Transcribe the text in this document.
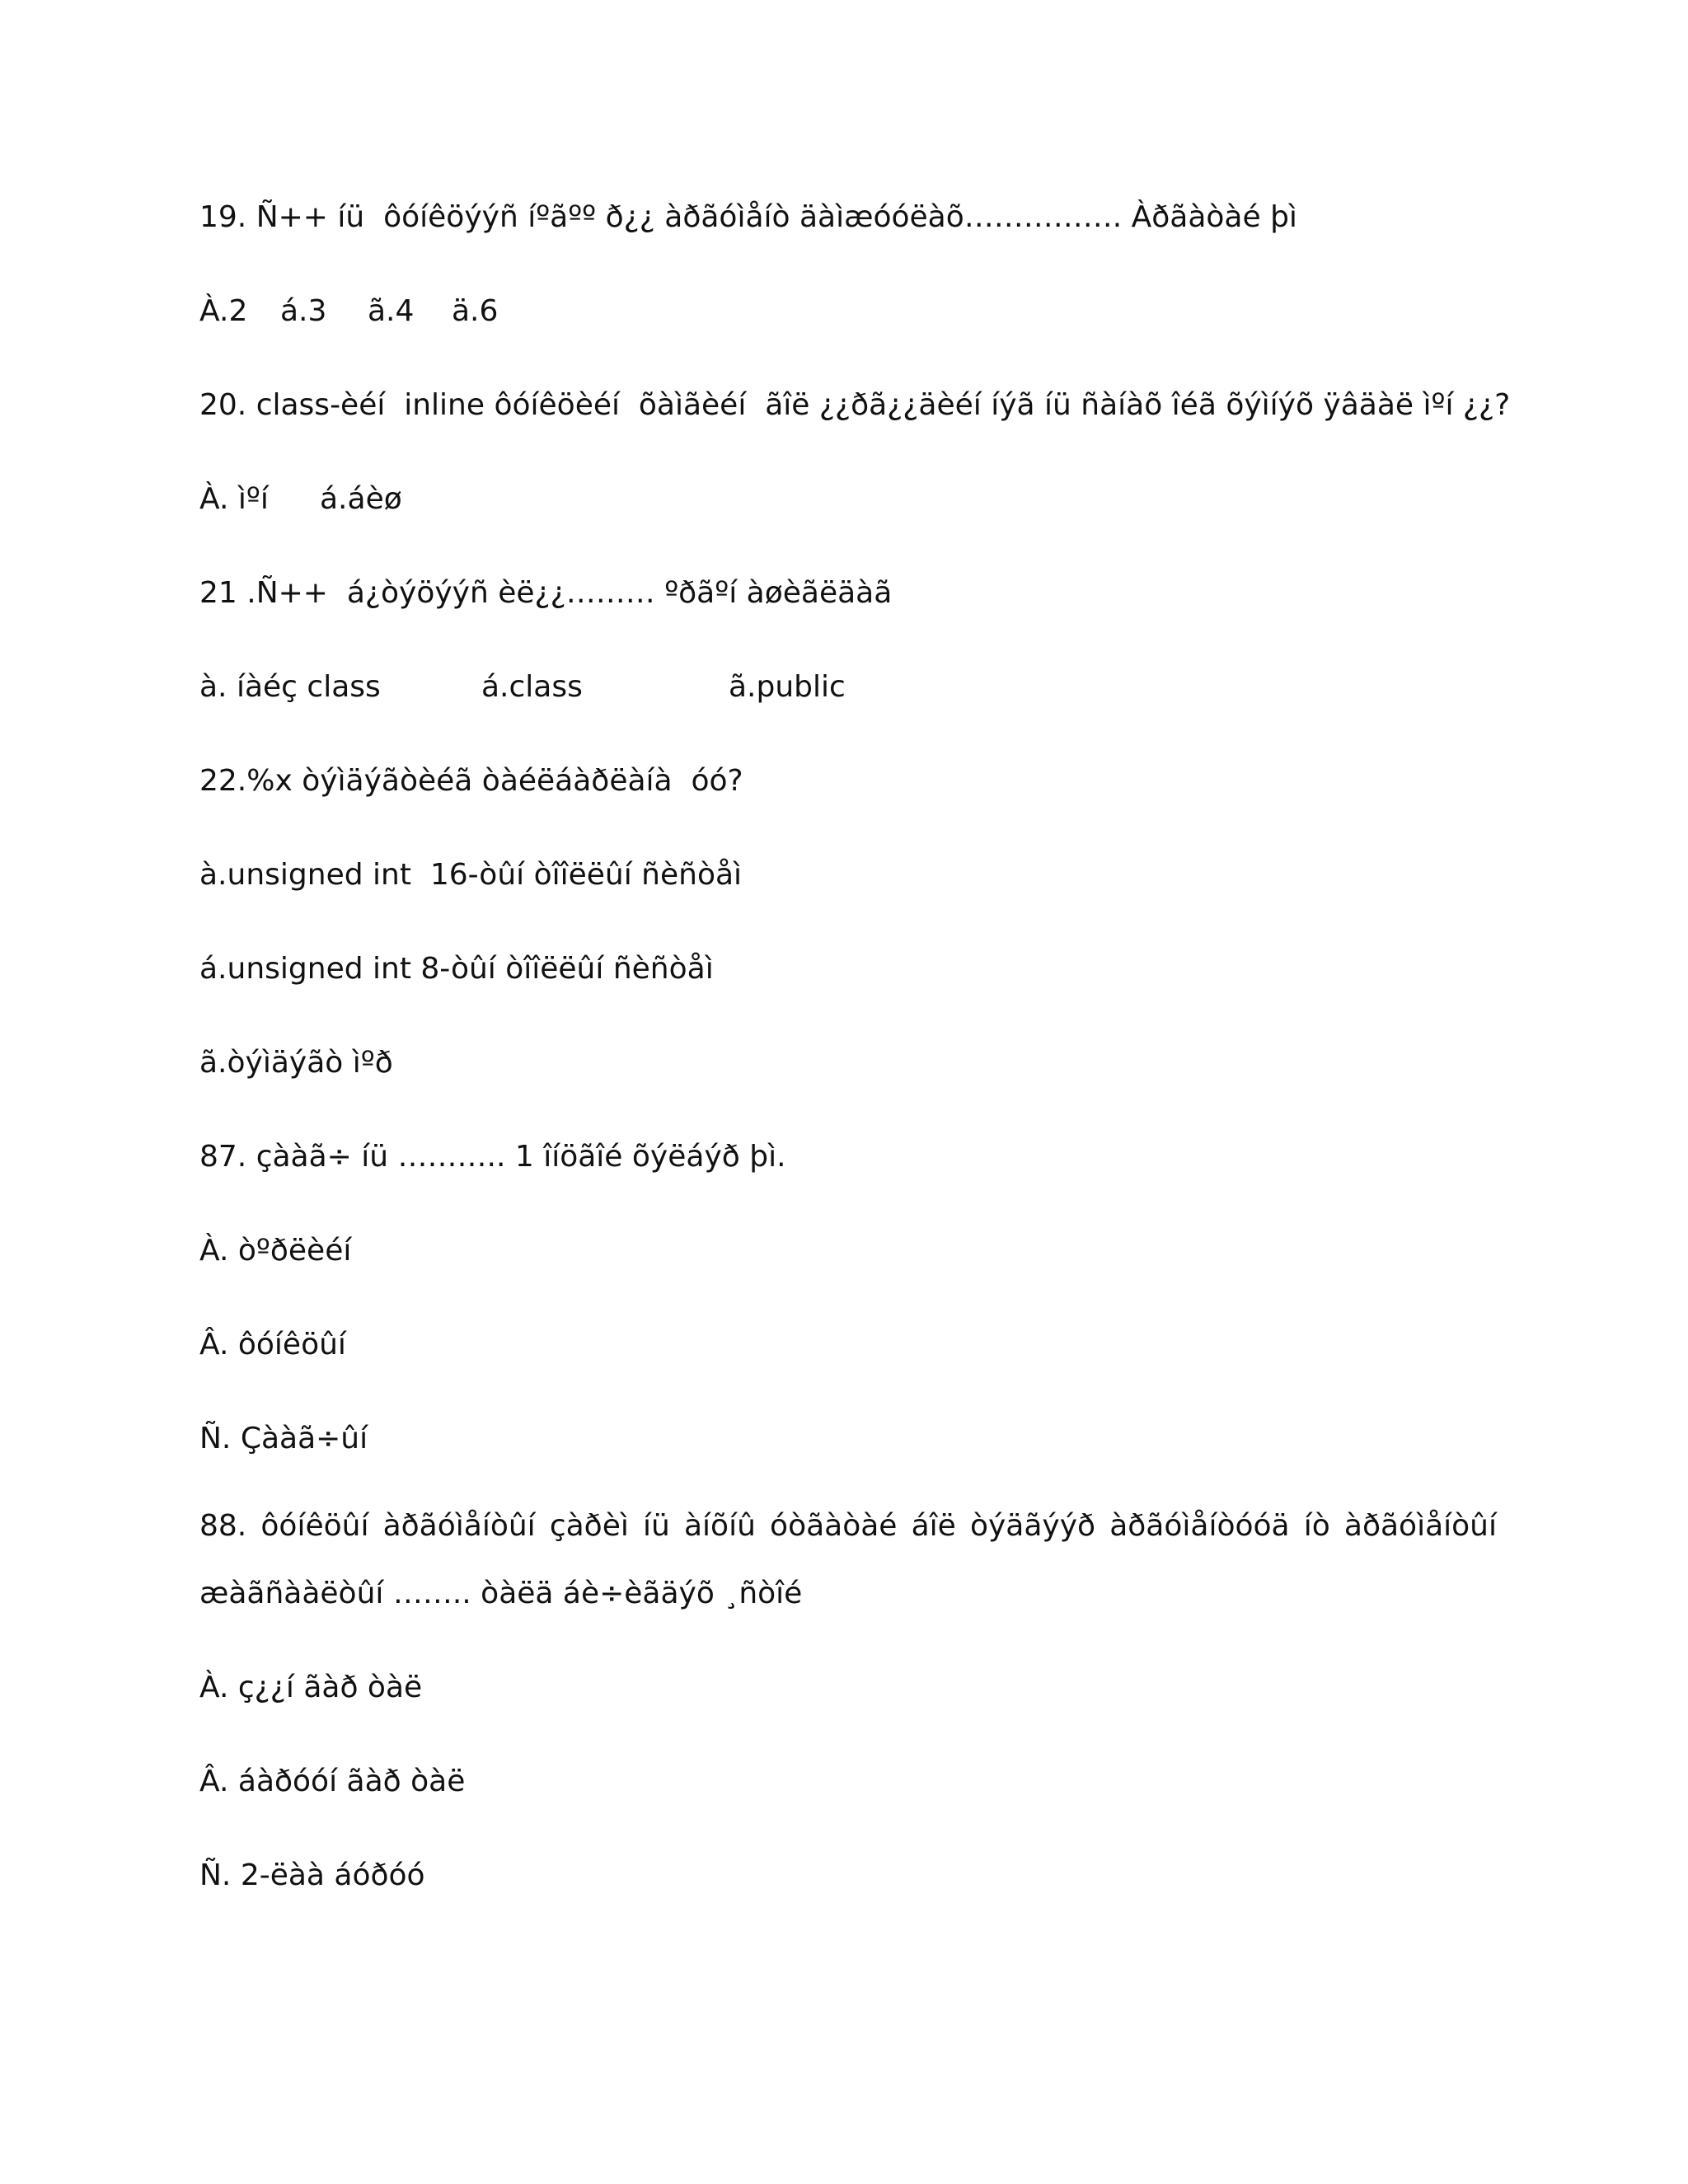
19. Ñ++ íü  ôóíêöýýñ íºãºº ð¿¿ àðãóìåíò äàìæóóëàõ……………. Àðãàòàé þì
À.2	á.3	ã.4	ä.6
20. class-èéí  inline ôóíêöèéí  õàìãèéí  ãîë ¿¿ðã¿¿äèéí íýã íü ñàíàõ îéã õýìíýõ ÿâäàë ìºí ¿¿?
À. ìºí	á.áèø
21 .Ñ++  á¿òýöýýñ èë¿¿……… ºðãºí àøèãëäàã
à. íàéç class	á.class	ã.public
22.%x òýìäýãòèéã òàéëáàðëàíà  óó?
à.unsigned int  16-òûí òîîëëûí ñèñòåì
á.unsigned int 8-òûí òîîëëûí ñèñòåì
ã.òýìäýãò ìºð
87. çààã÷ íü ……….. 1 îíöãîé õýëáýð þì.
À. òºðëèéí
Â. ôóíêöûí
Ñ. Çààã÷ûí
88. ôóíêöûí àðãóìåíòûí çàðèì íü àíõíû óòãàòàé áîë òýäãýýð àðãóìåíòóóä íò àðãóìåíòûí
æàãñààëòûí …….. òàëä áè÷èãäýõ ¸ñòîé
À. ç¿¿í ãàð òàë
Â. áàðóóí ãàð òàë
Ñ. 2-ëàà áóðóó
